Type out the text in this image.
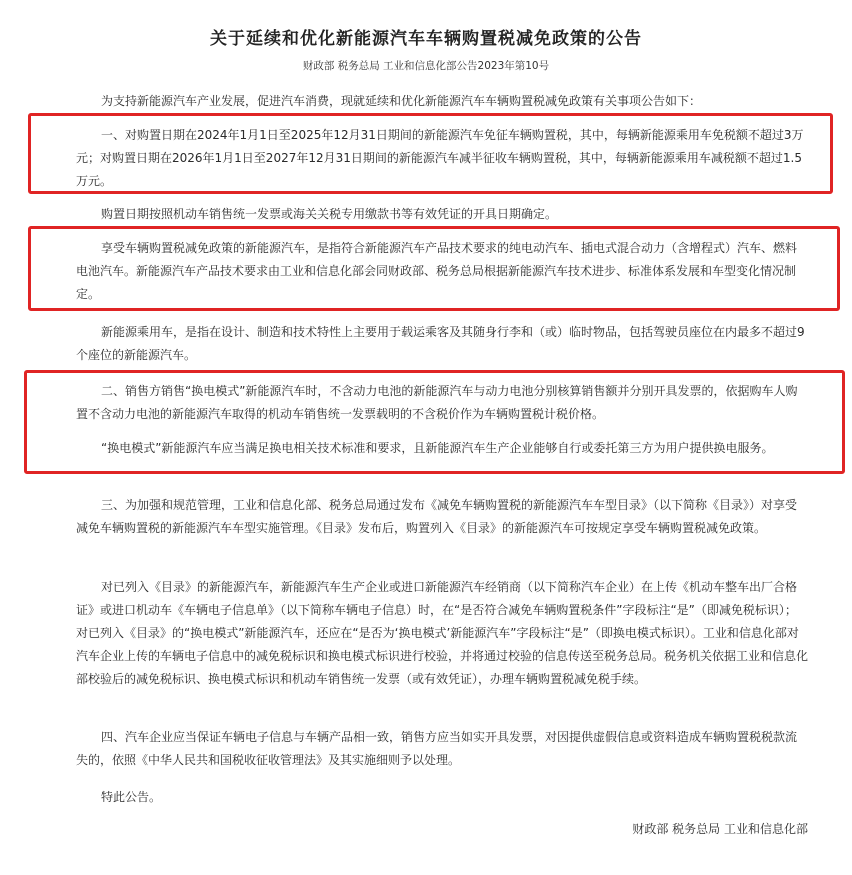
关于延续和优化新能源汽车车辆购置税减免政策的公告
财政部 税务总局 工业和信息化部公告2023年第10号
为支持新能源汽车产业发展，促进汽车消费，现就延续和优化新能源汽车车辆购置税减免政策有关事项公告如下：
一、对购置日期在2024年1月1日至2025年12月31日期间的新能源汽车免征车辆购置税，其中，每辆新能源乘用车免税额不超过3万元；对购置日期在2026年1月1日至2027年12月31日期间的新能源汽车减半征收车辆购置税，其中，每辆新能源乘用车减税额不超过1.5万元。
购置日期按照机动车销售统一发票或海关关税专用缴款书等有效凭证的开具日期确定。
享受车辆购置税减免政策的新能源汽车，是指符合新能源汽车产品技术要求的纯电动汽车、插电式混合动力（含增程式）汽车、燃料电池汽车。新能源汽车产品技术要求由工业和信息化部会同财政部、税务总局根据新能源汽车技术进步、标准体系发展和车型变化情况制定。
新能源乘用车，是指在设计、制造和技术特性上主要用于载运乘客及其随身行李和（或）临时物品，包括驾驶员座位在内最多不超过9个座位的新能源汽车。
二、销售方销售“换电模式”新能源汽车时，不含动力电池的新能源汽车与动力电池分别核算销售额并分别开具发票的，依据购车人购置不含动力电池的新能源汽车取得的机动车销售统一发票载明的不含税价作为车辆购置税计税价格。
“换电模式”新能源汽车应当满足换电相关技术标准和要求，且新能源汽车生产企业能够自行或委托第三方为用户提供换电服务。
三、为加强和规范管理，工业和信息化部、税务总局通过发布《减免车辆购置税的新能源汽车车型目录》（以下简称《目录》）对享受减免车辆购置税的新能源汽车车型实施管理。《目录》发布后，购置列入《目录》的新能源汽车可按规定享受车辆购置税减免政策。
对已列入《目录》的新能源汽车，新能源汽车生产企业或进口新能源汽车经销商（以下简称汽车企业）在上传《机动车整车出厂合格证》或进口机动车《车辆电子信息单》（以下简称车辆电子信息）时，在“是否符合减免车辆购置税条件”字段标注“是”（即减免税标识）；对已列入《目录》的“换电模式”新能源汽车，还应在“是否为‘换电模式’新能源汽车”字段标注“是”（即换电模式标识）。工业和信息化部对汽车企业上传的车辆电子信息中的减免税标识和换电模式标识进行校验，并将通过校验的信息传送至税务总局。税务机关依据工业和信息化部校验后的减免税标识、换电模式标识和机动车销售统一发票（或有效凭证），办理车辆购置税减免税手续。
四、汽车企业应当保证车辆电子信息与车辆产品相一致，销售方应当如实开具发票，对因提供虚假信息或资料造成车辆购置税税款流失的，依照《中华人民共和国税收征收管理法》及其实施细则予以处理。
特此公告。
财政部 税务总局 工业和信息化部
